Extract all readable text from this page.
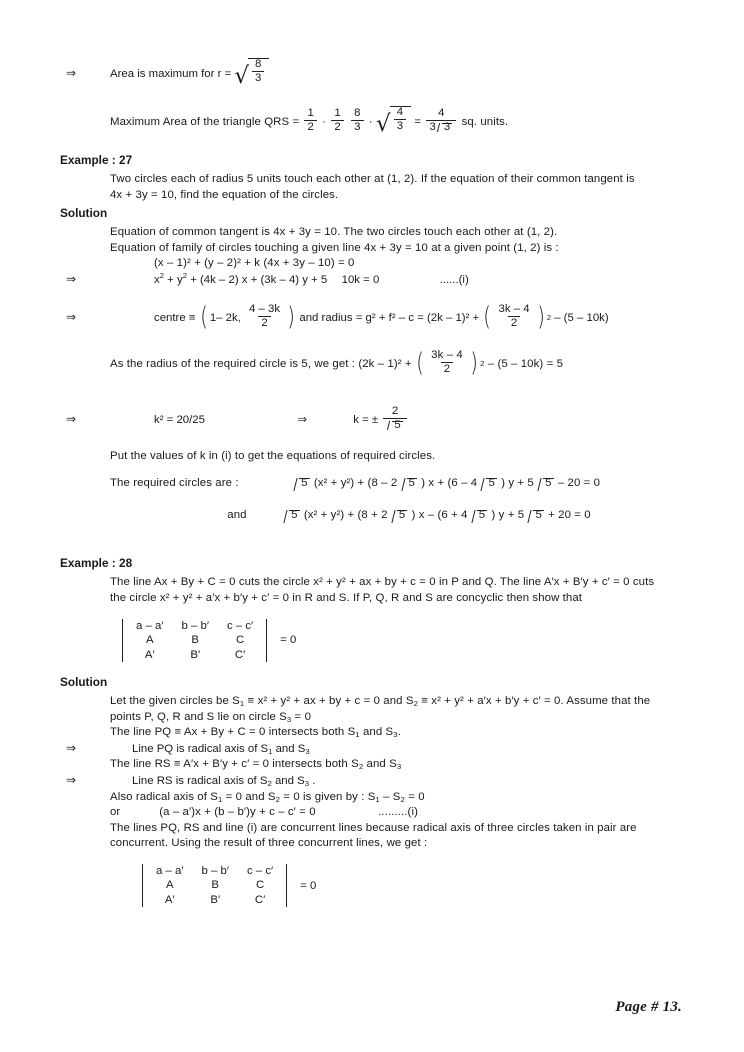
⇒	Area is maximum for r = √ $\frac{8}{3}$
Maximum Area of the triangle QRS = $\frac{1}{2} \cdot \frac{1}{2}$
$\frac{8}{3}$ · √ $\frac{4}{3} = \frac{4}{3 3}$ sq. units.
Example : 27
Two circles each of radius 5 units touch each other at (1, 2). If the equation of their common tangent is
4x + 3y = 10, find the equation of the circles.
Solution
Equation of common tangent is 4x + 3y = 10. The two circles touch each other at (1, 2).
Equation of family of circles touching a given line 4x + 3y = 10 at a given point (1, 2) is :
(x – 1)² + (y – 2)² + k (4x + 3y – 10) = 0
⇒	$x^2 + y^2 + (4k - 2) x + (3k - 4) y + 5$ 10k = 0	......(i)
⇒	centre ≡ ( 1– 2k, $\frac{4 - 3k}{2}$ ) and radius = g² + f² – c = (2k – 1)² + ( $\frac{3k - 4}{2}$ ) 2 – (5 – 10k)
As the radius of the required circle is 5, we get : (2k – 1)² + ( $\frac{3k - 4}{2}$ ) 2 – (5 – 10k) = 5
⇒	k² = 20/25	⇒	k = ± $\frac{2}{5}$
Put the values of k in (i) to get the equations of required circles.
The required circles are :	5 (x² + y²) + (8 – 2 5 ) x + (6 – 4 5 ) y + 5 5 – 20 = 0
and	5 (x² + y²) + (8 + 2 5 ) x – (6 + 4 5 ) y + 5 5 + 20 = 0
Example : 28
The line Ax + By + C = 0 cuts the circle x² + y² + ax + by + c = 0 in P and Q. The line A′x + B′y + c′ = 0 cuts
the circle x² + y² + a′x + b′y + c′ = 0 in R and S. If P, Q, R and S are concyclic then show that
a – a′	b – b′	c – c′
A	B	C
A′	B′	C′
= 0
Solution
Let the given circles be $S_1 \equiv x^2 + y^2$ + ax + by + c = 0 and $S_2 \equiv x^2 + y^2 + a'x + b'y + c' = 0$. Assume that the
points P, Q, R and S lie on circle $S_3 = 0$
The line PQ ≡ Ax + By + C = 0 intersects both $S_1$ and $S_3$.
⇒	Line PQ is radical axis of $S_1$ and $S_3$
The line RS ≡ A′x + B′y + c′ = 0 intersects both $S_2$ and $S_3$
⇒	Line RS is radical axis of $S_2$ and $S_3$ .
Also radical axis of $S_1 = 0$ and $S_2 = 0$ is given by : $S_1 - S_2 = 0$
or	(a – a′)x + (b – b′)y + c – c′ = 0	.........(i)
The lines PQ, RS and line (i) are concurrent lines because radical axis of three circles taken in pair are
concurrent. Using the result of three concurrent lines, we get :
a – a′	b – b′	c – c′
A	B	C
A′	B′	C′
= 0
Page # 13.
